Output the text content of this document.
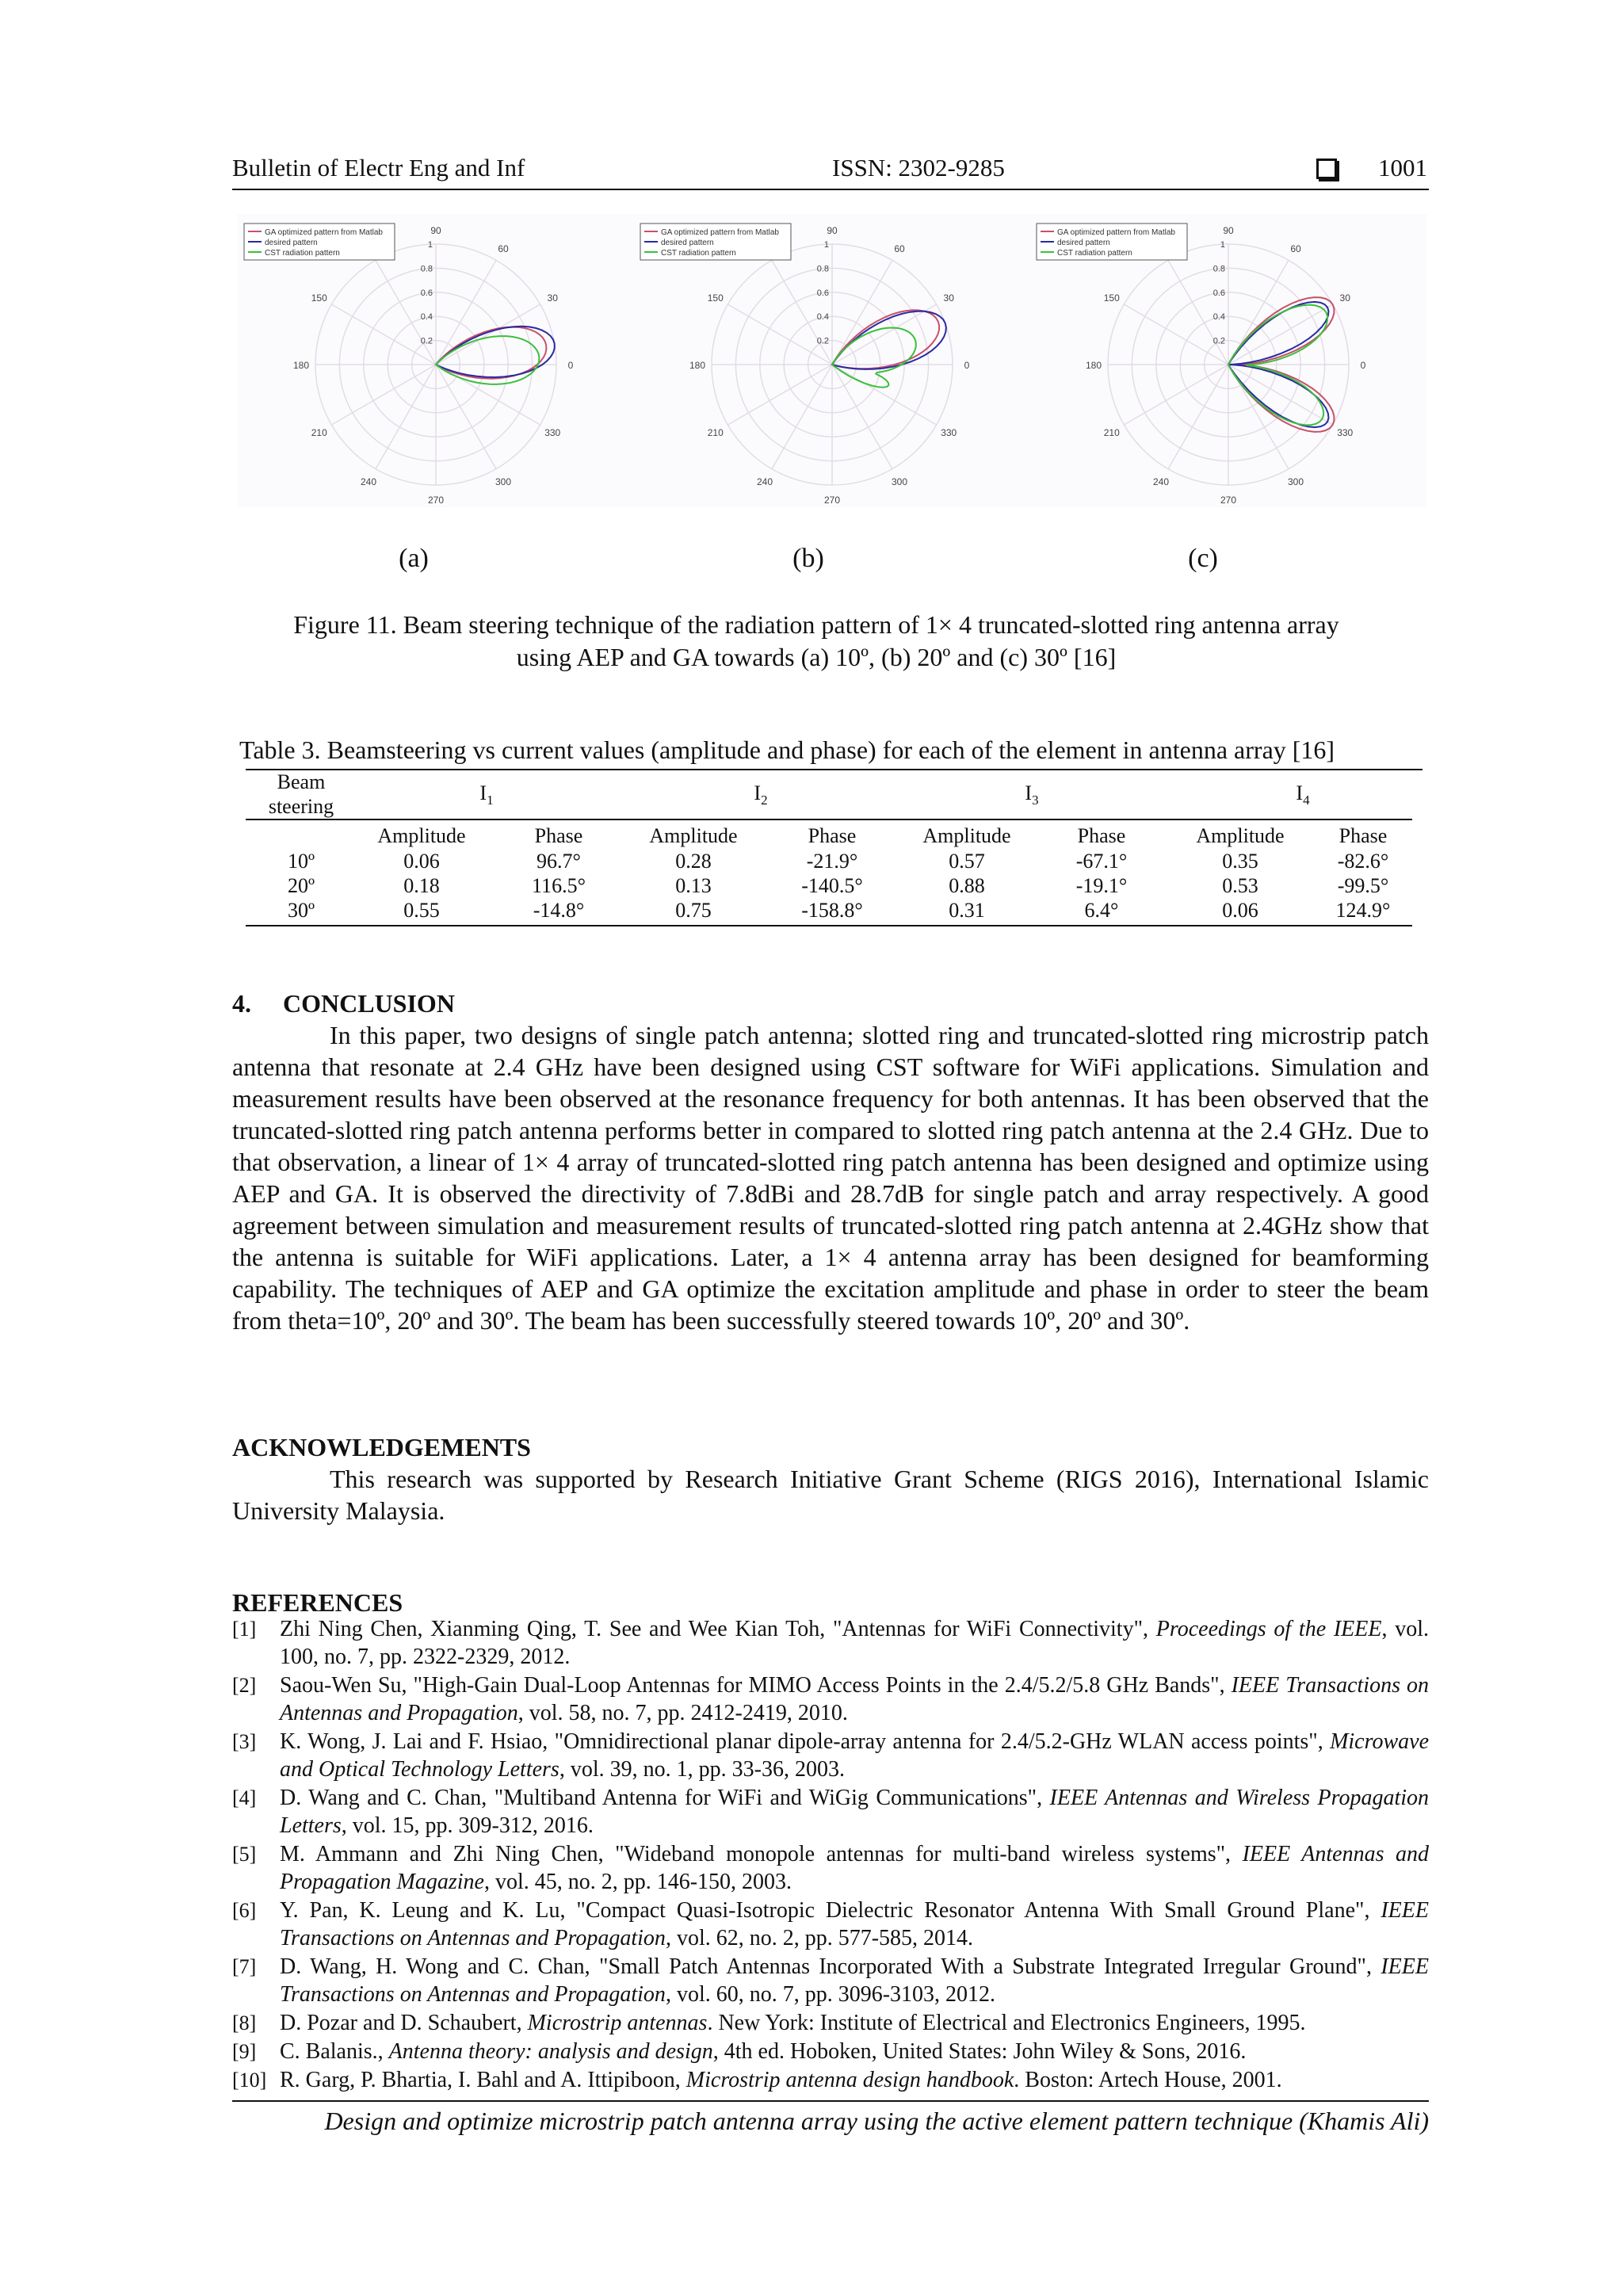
Bulletin of Electr Eng and Inf	ISSN: 2302-9285	1001
90
60
30
0
330
300
270
240
210
180
150
0.2
0.4
0.6
0.8
1
GA optimized pattern from Matlab
desired pattern
CST radiation pattern
90
60
30
0
330
300
270
240
210
180
150
0.2
0.4
0.6
0.8
1
GA optimized pattern from Matlab
desired pattern
CST radiation pattern
90
60
30
0
330
300
270
240
210
180
150
0.2
0.4
0.6
0.8
1
GA optimized pattern from Matlab
desired pattern
CST radiation pattern
(a)	(b)	(c)
Figure 11. Beam steering technique of the radiation pattern of 1× 4 truncated-slotted ring antenna array
using AEP and GA towards (a) 10º, (b) 20º and (c) 30º [16]
Table 3. Beamsteering vs current values (amplitude and phase) for each of the element in antenna array [16]
Beam
steering
$I_1$	$I_2$	$I_3$	$I_4$
Amplitude	Phase	Amplitude	Phase	Amplitude	Phase	Amplitude	Phase
10º	0.06	96.7°	0.28	-21.9°	0.57	-67.1°	0.35	-82.6°
20º	0.18	116.5°	0.13	-140.5°	0.88	-19.1°	0.53	-99.5°
30º	0.55	-14.8°	0.75	-158.8°	0.31	6.4°	0.06	124.9°
4.     CONCLUSION

In this paper, two designs of single patch antenna; slotted ring and truncated-slotted ring microstrip patch antenna that resonate at 2.4 GHz have been designed using CST software for WiFi applications. Simulation and measurement results have been observed at the resonance frequency for both antennas. It has been observed that the truncated-slotted ring patch antenna performs better in compared to slotted ring patch antenna at the 2.4 GHz. Due to that observation, a linear of 1× 4 array of truncated-slotted ring patch antenna has been designed and optimize using AEP and GA. It is observed the directivity of 7.8dBi and 28.7dB for single patch and array respectively. A good agreement between simulation and measurement results of truncated-slotted ring patch antenna at 2.4GHz show that the antenna is suitable for WiFi applications. Later, a 1× 4 antenna array has been designed for beamforming capability. The techniques of AEP and GA optimize the excitation amplitude and phase in order to steer the beam from theta=10º, 20º and 30º. The beam has been successfully steered towards 10º, 20º and 30º.

ACKNOWLEDGEMENTS

This research was supported by Research Initiative Grant Scheme (RIGS 2016), International Islamic University Malaysia.

REFERENCES
[1] Zhi Ning Chen, Xianming Qing, T. See and Wee Kian Toh, "Antennas for WiFi Connectivity", Proceedings of the IEEE, vol. 100, no. 7, pp. 2322-2329, 2012.
[2] Saou-Wen Su, "High-Gain Dual-Loop Antennas for MIMO Access Points in the 2.4/5.2/5.8 GHz Bands", IEEE Transactions on Antennas and Propagation, vol. 58, no. 7, pp. 2412-2419, 2010.
[3] K. Wong, J. Lai and F. Hsiao, "Omnidirectional planar dipole-array antenna for 2.4/5.2-GHz WLAN access points", Microwave and Optical Technology Letters, vol. 39, no. 1, pp. 33-36, 2003.
[4] D. Wang and C. Chan, "Multiband Antenna for WiFi and WiGig Communications", IEEE Antennas and Wireless Propagation Letters, vol. 15, pp. 309-312, 2016.
[5] M. Ammann and Zhi Ning Chen, "Wideband monopole antennas for multi-band wireless systems", IEEE Antennas and Propagation Magazine, vol. 45, no. 2, pp. 146-150, 2003.
[6] Y. Pan, K. Leung and K. Lu, "Compact Quasi-Isotropic Dielectric Resonator Antenna With Small Ground Plane", IEEE Transactions on Antennas and Propagation, vol. 62, no. 2, pp. 577-585, 2014.
[7] D. Wang, H. Wong and C. Chan, "Small Patch Antennas Incorporated With a Substrate Integrated Irregular Ground", IEEE Transactions on Antennas and Propagation, vol. 60, no. 7, pp. 3096-3103, 2012.
[8] D. Pozar and D. Schaubert, Microstrip antennas. New York: Institute of Electrical and Electronics Engineers, 1995.
[9] C. Balanis., Antenna theory: analysis and design, 4th ed. Hoboken, United States: John Wiley & Sons, 2016.
[10] R. Garg, P. Bhartia, I. Bahl and A. Ittipiboon, Microstrip antenna design handbook. Boston: Artech House, 2001.
Design and optimize microstrip patch antenna array using the active element pattern technique (Khamis Ali)
